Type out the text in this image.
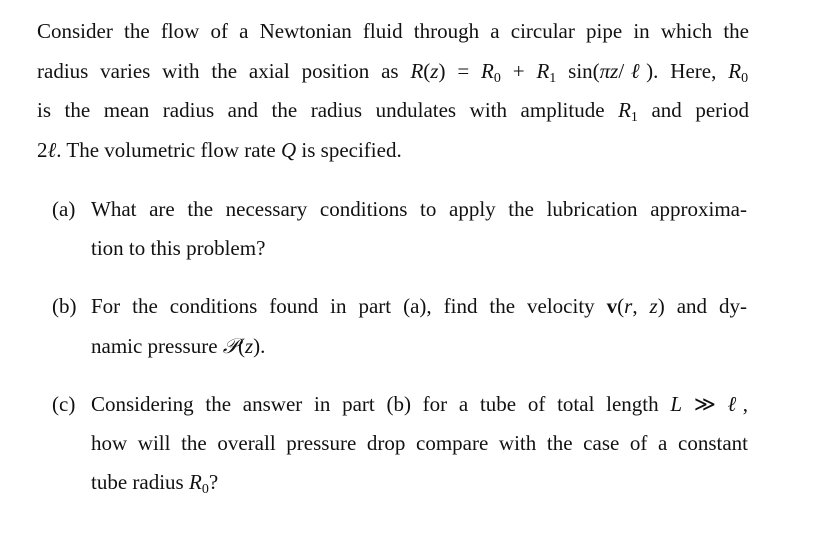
Consider the flow of a Newtonian fluid through a circular pipe in which the
radius varies with the axial position as $R(z) = R_0 + R_1$ sin(πz/ℓ). Here, $R_0$
is the mean radius and the radius undulates with amplitude $R_1$ and period
2ℓ. The volumetric flow rate Q is specified.
(a) What are the necessary conditions to apply the lubrication approxima-
tion to this problem?
(b) For the conditions found in part (a), find the velocity v(r, z) and dy-
namic pressure 𝒫(z).
(c) Considering the answer in part (b) for a tube of total length L ≫ ℓ,
how will the overall pressure drop compare with the case of a constant
tube radius $R_0$?
